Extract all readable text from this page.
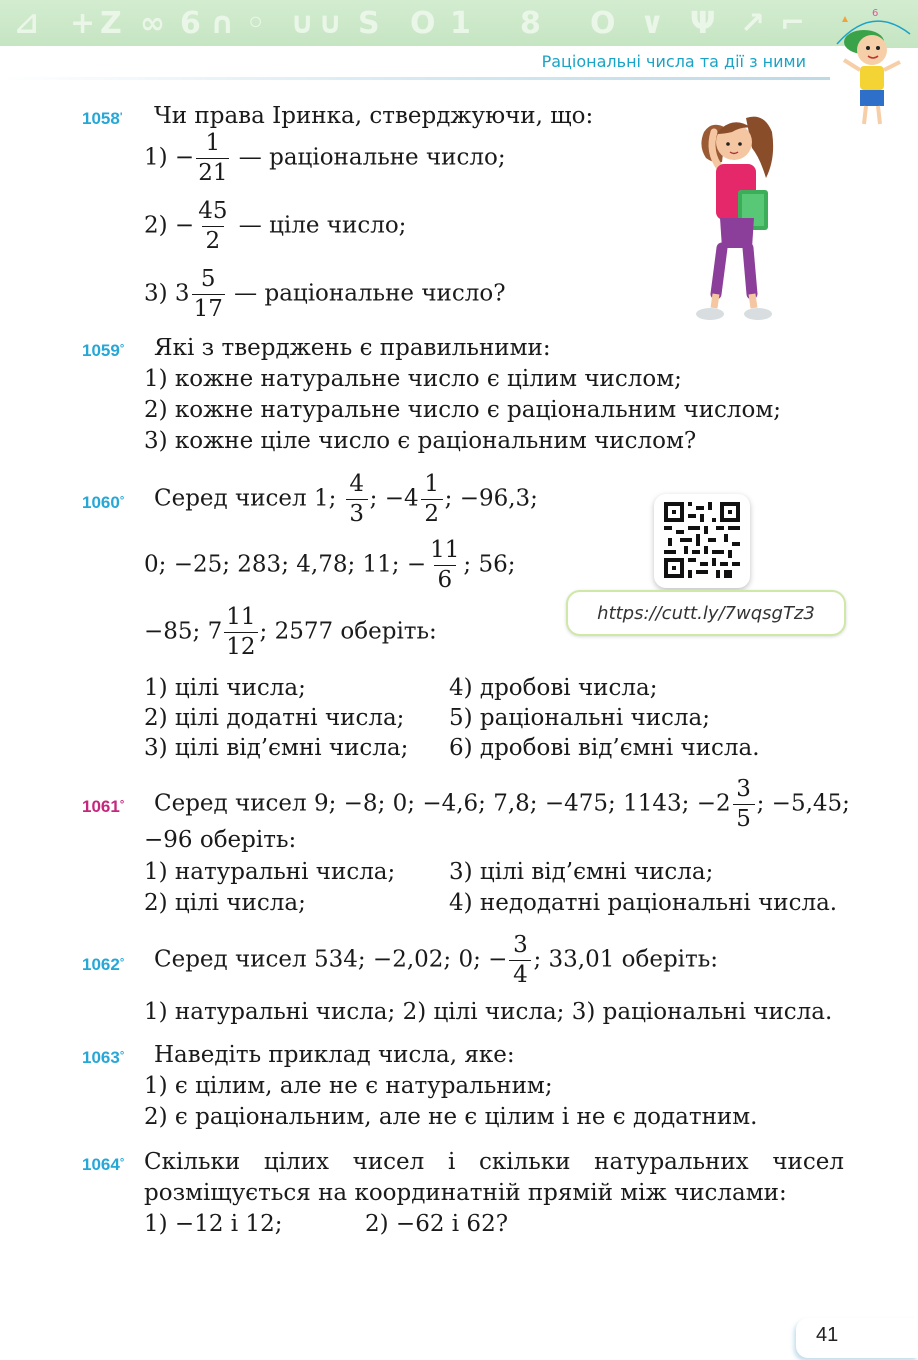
⊿ + Z ∞ 6 ∩ ◦ ∪ ∪ S O 1 8 O ∨ Ψ ↗ ⌐
Раціональні числа та дії з ними
6
1058' Чи права Іринка, стверджуючи, що:
$1) - \frac{1}{21}$ — раціональне число;
$2) - \frac{45}{2}$ — ціле число;
3) $3 \frac{5}{17}$ — раціональне число?
1059° Які з тверджень є правильними:
1) кожне натуральне число є цілим числом;
2) кожне натуральне число є раціональним числом;
3) кожне ціле число є раціональним числом?
1060° Серед чисел 1; $\frac{4}{3}$ ; $-4 \frac{1}{2}$ ; −96,3;
0; −25; 283; 4,78; 11; − $\frac{11}{6}$ ; 56;
−85; $7 \frac{11}{12}$ ; 2577 оберіть:
1) цілі числа;
2) цілі додатні числа;
3) цілі від’ємні числа;
4) дробові числа;
5) раціональні числа;
6) дробові від’ємні числа.
https://cutt.ly/7wqsgTz3
1061° Серед чисел 9; −8; 0; −4,6; 7,8; −475; 1143; $-2 \frac{3}{5}$ ; −5,45;
−96 оберіть:
1) натуральні числа;
2) цілі числа;
3) цілі від’ємні числа;
4) недодатні раціональні числа.
1062° Серед чисел 534; −2,02; 0; − $\frac{3}{4}$ ; 33,01 оберіть:
1) натуральні числа; 2) цілі числа; 3) раціональні числа.
1063° Наведіть приклад числа, яке:
1) є цілим, але не є натуральним;
2) є раціональним, але не є цілим і не є додатним.
1064° Скільки цілих чисел і скільки натуральних чисел
розміщується на координатній прямій між числами:
1) −12 і 12;	2) −62 і 62?
41
